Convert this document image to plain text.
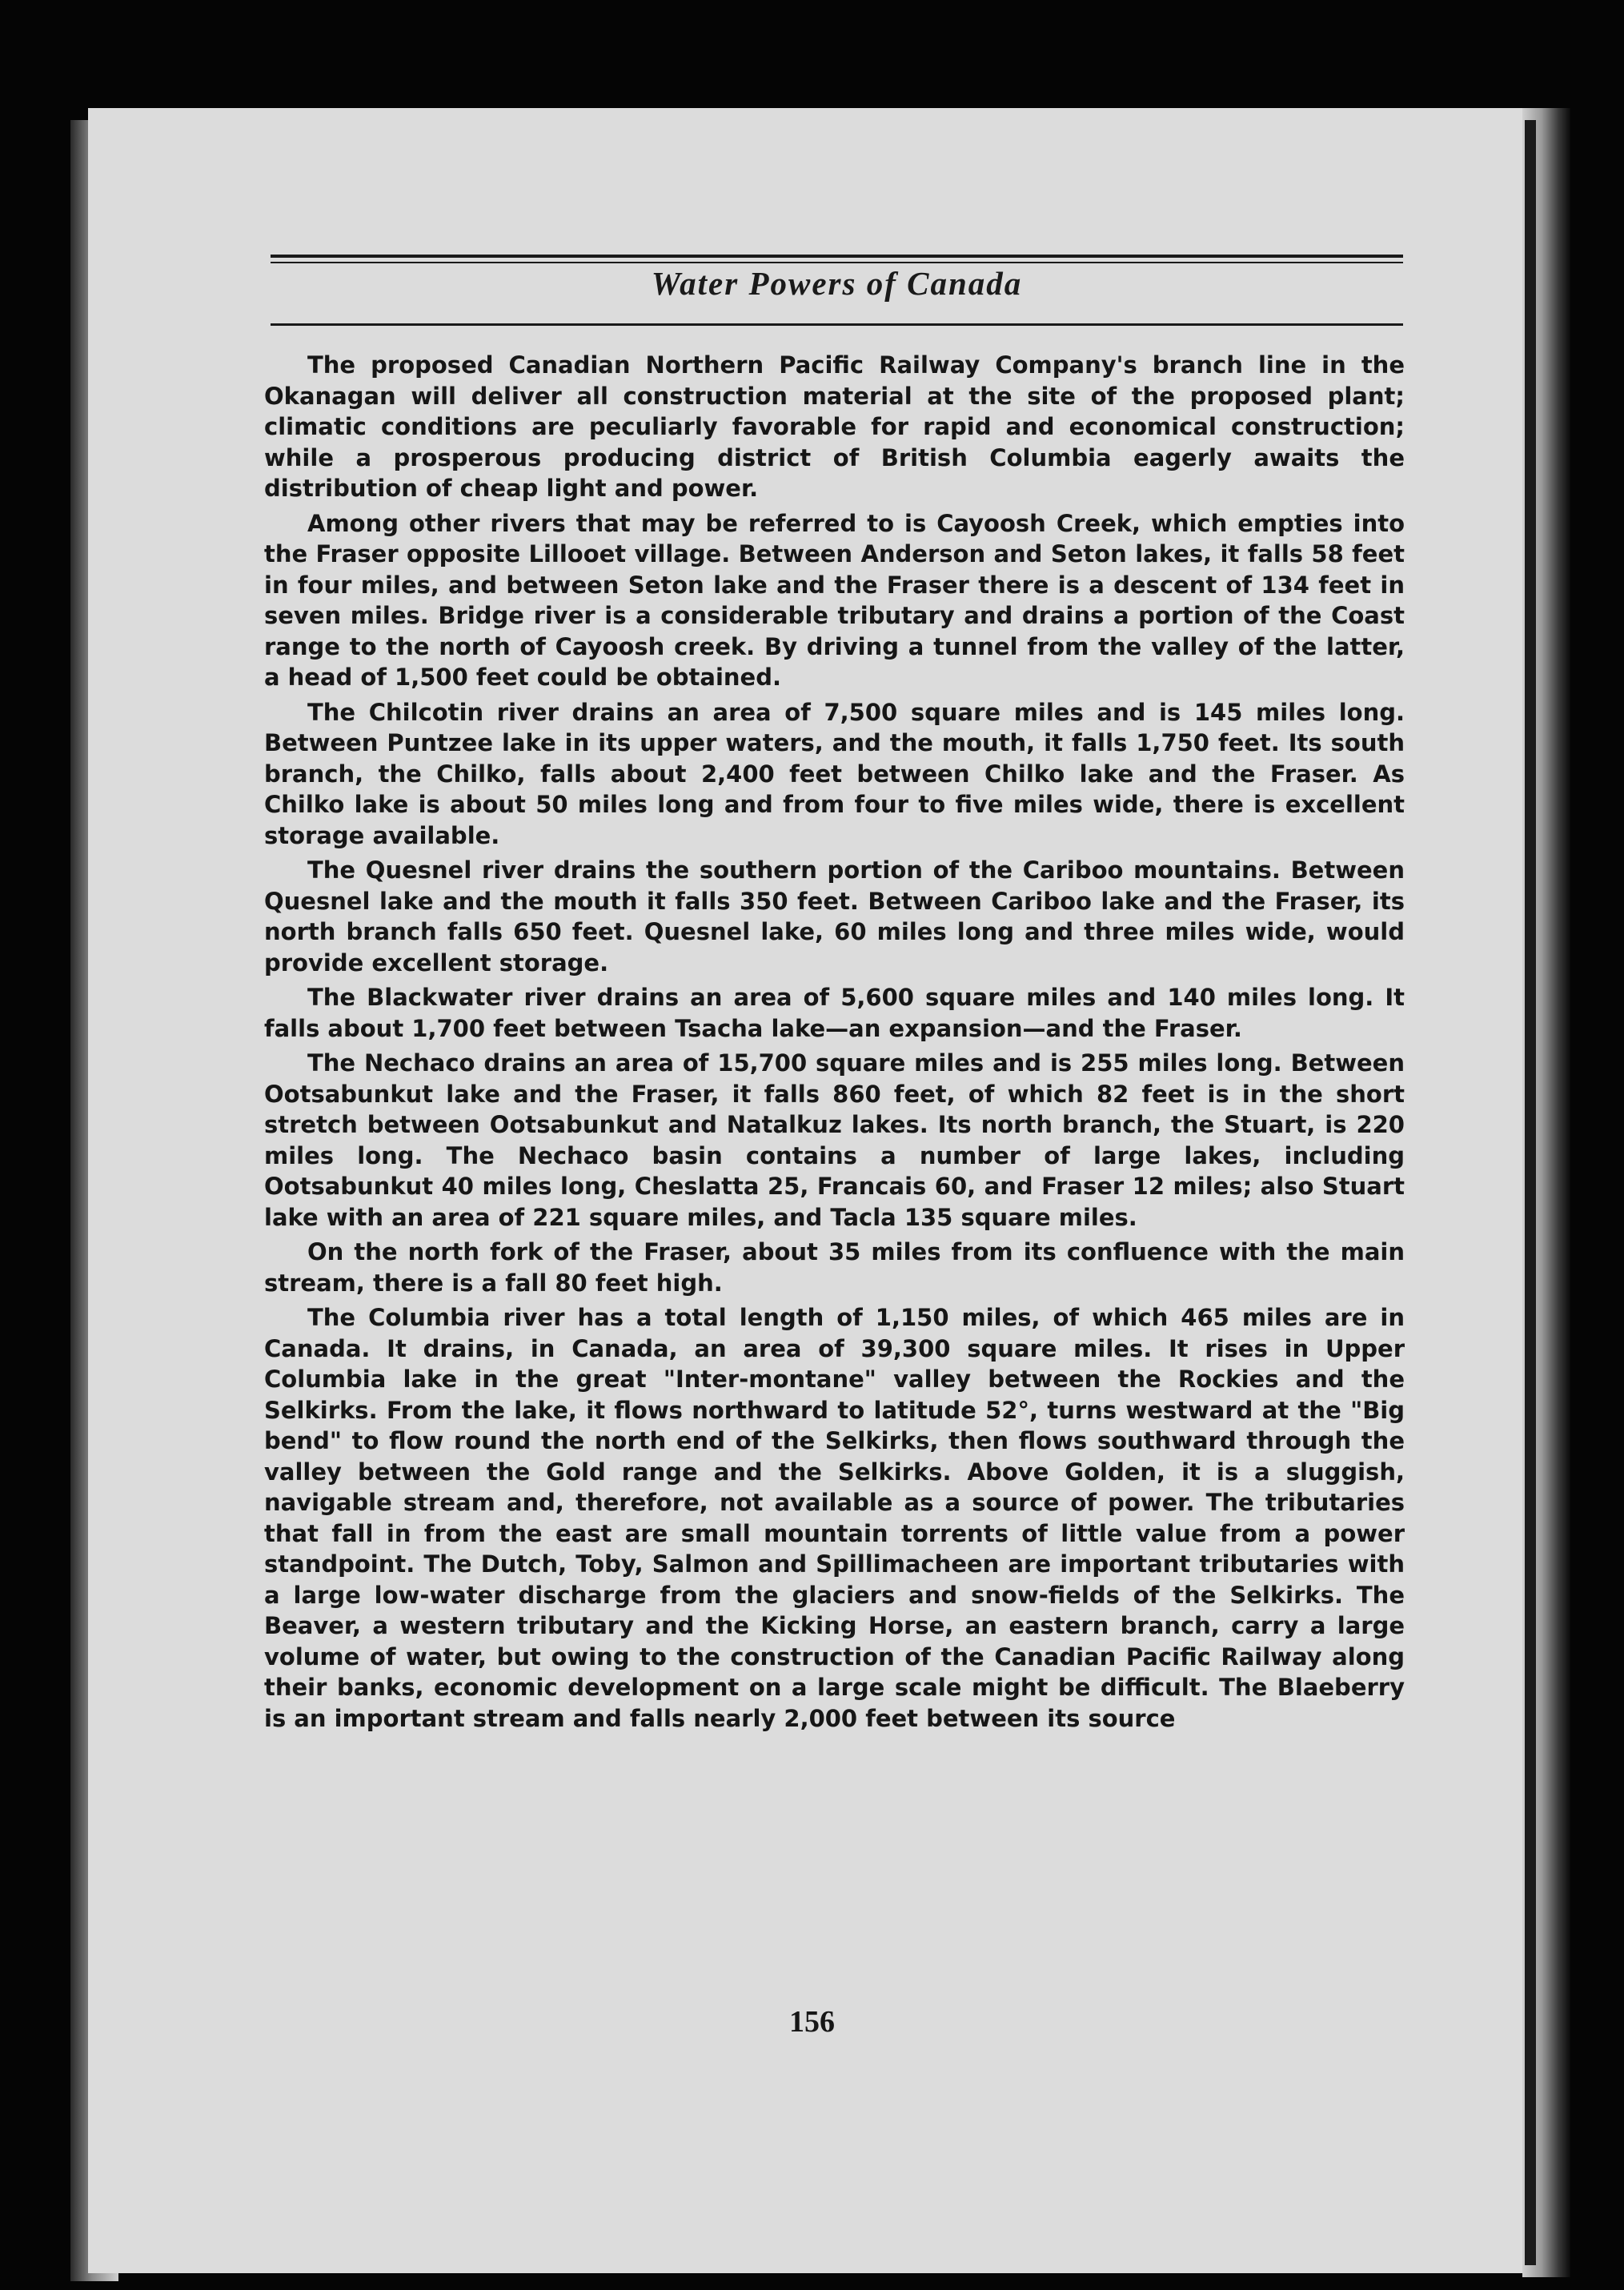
Water Powers of Canada

The proposed Canadian Northern Pacific Railway Company's branch line in the Okanagan will deliver all construction material at the site of the proposed plant; climatic conditions are peculiarly favorable for rapid and economical construction; while a prosperous producing district of British Columbia eagerly awaits the distribution of cheap light and power.

Among other rivers that may be referred to is Cayoosh Creek, which empties into the Fraser opposite Lillooet village. Between Anderson and Seton lakes, it falls 58 feet in four miles, and between Seton lake and the Fraser there is a descent of 134 feet in seven miles. Bridge river is a considerable tributary and drains a portion of the Coast range to the north of Cayoosh creek. By driving a tunnel from the valley of the latter, a head of 1,500 feet could be obtained.

The Chilcotin river drains an area of 7,500 square miles and is 145 miles long. Between Puntzee lake in its upper waters, and the mouth, it falls 1,750 feet. Its south branch, the Chilko, falls about 2,400 feet between Chilko lake and the Fraser. As Chilko lake is about 50 miles long and from four to five miles wide, there is excellent storage available.

The Quesnel river drains the southern portion of the Cariboo mountains. Between Quesnel lake and the mouth it falls 350 feet. Between Cariboo lake and the Fraser, its north branch falls 650 feet. Quesnel lake, 60 miles long and three miles wide, would provide excellent storage.

The Blackwater river drains an area of 5,600 square miles and 140 miles long. It falls about 1,700 feet between Tsacha lake—an expansion—and the Fraser.

The Nechaco drains an area of 15,700 square miles and is 255 miles long. Between Ootsabunkut lake and the Fraser, it falls 860 feet, of which 82 feet is in the short stretch between Ootsabunkut and Natalkuz lakes. Its north branch, the Stuart, is 220 miles long. The Nechaco basin contains a number of large lakes, including Ootsabunkut 40 miles long, Cheslatta 25, Francais 60, and Fraser 12 miles; also Stuart lake with an area of 221 square miles, and Tacla 135 square miles.

On the north fork of the Fraser, about 35 miles from its confluence with the main stream, there is a fall 80 feet high.

The Columbia river has a total length of 1,150 miles, of which 465 miles are in Canada. It drains, in Canada, an area of 39,300 square miles. It rises in Upper Columbia lake in the great "Inter-montane" valley between the Rockies and the Selkirks. From the lake, it flows northward to latitude 52°, turns westward at the "Big bend" to flow round the north end of the Selkirks, then flows southward through the valley between the Gold range and the Selkirks. Above Golden, it is a sluggish, navigable stream and, therefore, not available as a source of power. The tributaries that fall in from the east are small mountain torrents of little value from a power standpoint. The Dutch, Toby, Salmon and Spillimacheen are important tributaries with a large low-water discharge from the glaciers and snow-fields of the Selkirks. The Beaver, a western tributary and the Kicking Horse, an eastern branch, carry a large volume of water, but owing to the construction of the Canadian Pacific Railway along their banks, economic development on a large scale might be difficult. The Blaeberry is an important stream and falls nearly 2,000 feet between its source

156
